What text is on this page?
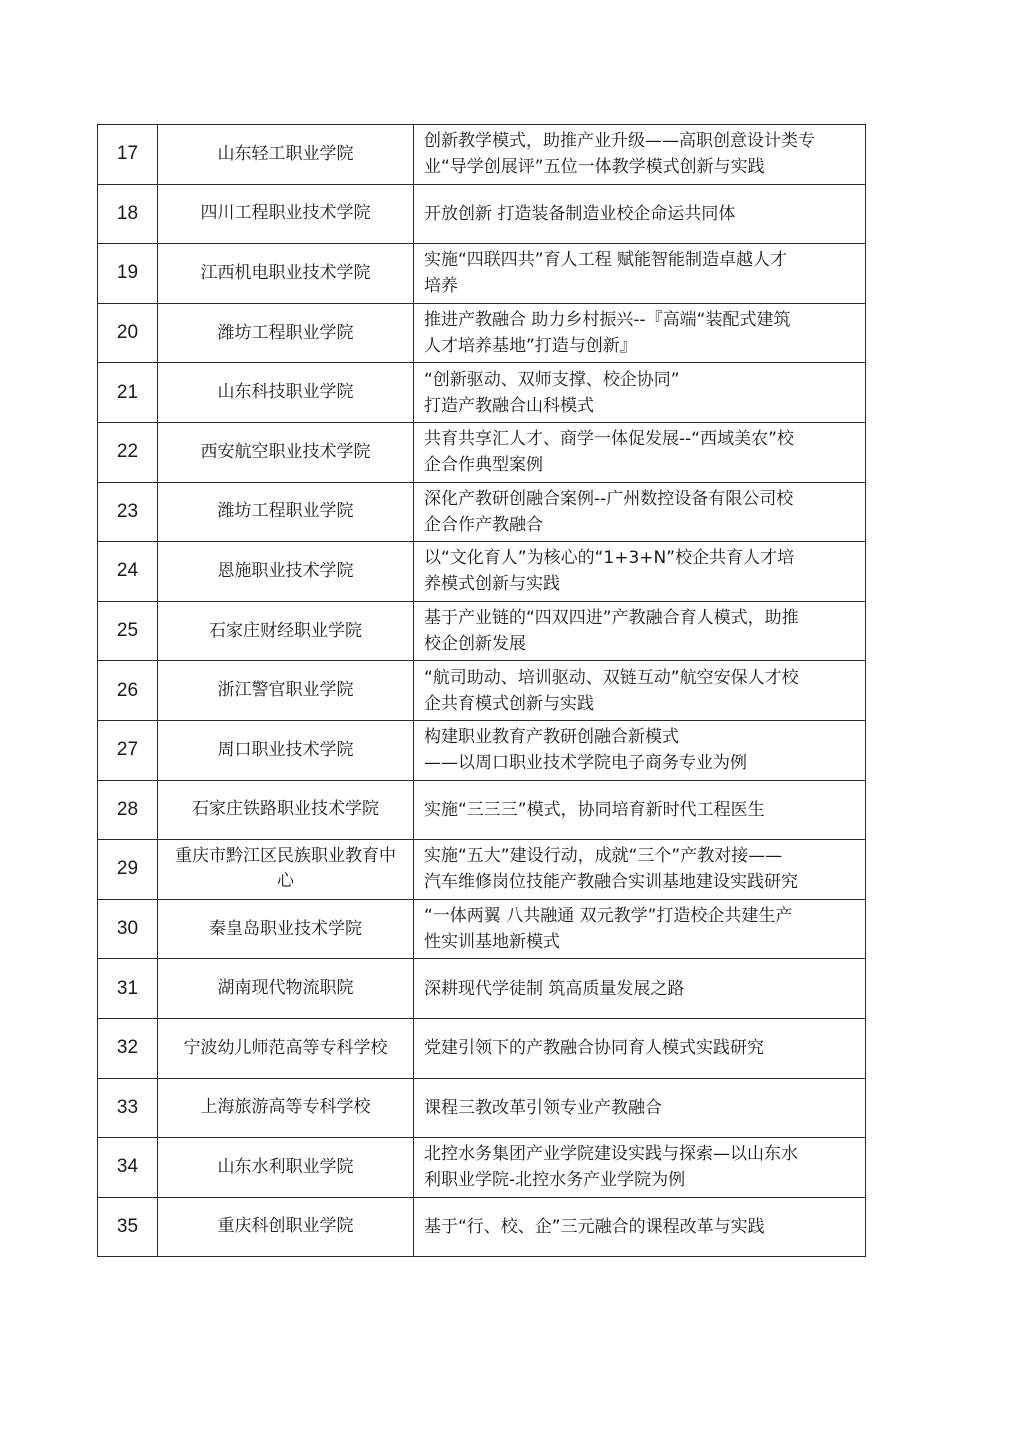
17	山东轻工职业学院	创新教学模式，助推产业升级——高职创意设计类专
业“导学创展评”五位一体教学模式创新与实践
18	四川工程职业技术学院	开放创新 打造装备制造业校企命运共同体
19	江西机电职业技术学院	实施“四联四共”育人工程 赋能智能制造卓越人才
培养
20	潍坊工程职业学院	推进产教融合 助力乡村振兴--『高端“装配式建筑
人才培养基地”打造与创新』
21	山东科技职业学院	“创新驱动、双师支撑、校企协同”
打造产教融合山科模式
22	西安航空职业技术学院	共育共享汇人才、商学一体促发展--“西域美农”校
企合作典型案例
23	潍坊工程职业学院	深化产教研创融合案例--广州数控设备有限公司校
企合作产教融合
24	恩施职业技术学院	以“文化育人”为核心的“1+3+N”校企共育人才培
养模式创新与实践
25	石家庄财经职业学院	基于产业链的“四双四进”产教融合育人模式，助推
校企创新发展
26	浙江警官职业学院	“航司助动、培训驱动、双链互动”航空安保人才校
企共育模式创新与实践
27	周口职业技术学院	构建职业教育产教研创融合新模式
——以周口职业技术学院电子商务专业为例
28	石家庄铁路职业技术学院	实施“三三三”模式，协同培育新时代工程医生
29	重庆市黔江区民族职业教育中心	实施“五大”建设行动，成就“三个”产教对接——
汽车维修岗位技能产教融合实训基地建设实践研究
30	秦皇岛职业技术学院	“一体两翼 八共融通 双元教学”打造校企共建生产
性实训基地新模式
31	湖南现代物流职院	深耕现代学徒制 筑高质量发展之路
32	宁波幼儿师范高等专科学校	党建引领下的产教融合协同育人模式实践研究
33	上海旅游高等专科学校	课程三教改革引领专业产教融合
34	山东水利职业学院	北控水务集团产业学院建设实践与探索—以山东水
利职业学院-北控水务产业学院为例
35	重庆科创职业学院	基于“行、校、企”三元融合的课程改革与实践
